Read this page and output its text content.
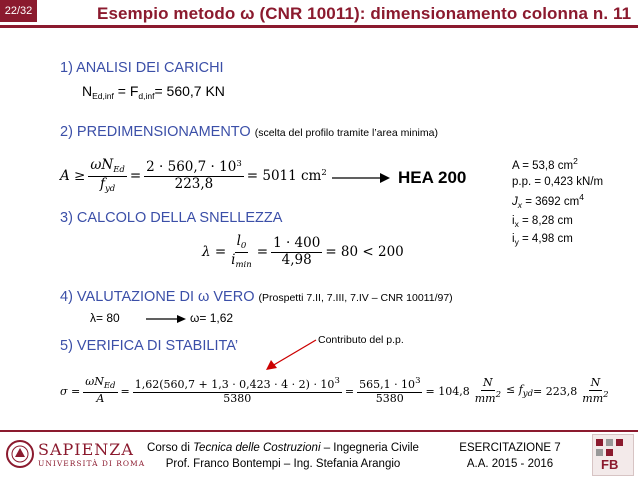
22/32	Esempio metodo ω (CNR 10011): dimensionamento colonna n. 11
1) ANALISI DEI CARICHI
$N_{Ed,inf} = F_{d,inf}= 560,7$ KN
2) PREDIMENSIONAMENTO (scelta del profilo tramite l’area minima)
$A \ge \frac{\omega N_{Ed}}{f_{yd}} = \frac{2 \cdot 560,7 \cdot 10^3}{223,8} = 5011$ $cm^2$	HEA 200
A = 53,8 $cm^2$
p.p. = 0,423 kN/m
$J_x = 3692$ $cm^4$
$i_x = 8,28$ cm
$i_y = 4,98$ cm
3) CALCOLO DELLA SNELLEZZA
$\lambda = \frac{l_0}{i_{min}} = \frac{1 \cdot 400}{4,98} = 80 < 200$
4) VALUTAZIONE DI ω VERO (Prospetti 7.II, 7.III, 7.IV – CNR 10011/97)
λ= 80	ω= 1,62
5) VERIFICA DI STABILITA’	Contributo del p.p.
$\sigma = \frac{\omega N_{Ed}}{A} = \frac{1,62(560,7 + 1,3 \cdot 0,423 \cdot 4 \cdot 2) \cdot 10^3}{5380} = \frac{565,1 \cdot 10^3}{5380} = 104,8 \frac{N}{mm^2} \le f_{yd} = 223,8 \frac{N}{mm^2}$
SAPIENZA
UNIVERSITÀ DI ROMA
Corso di Tecnica delle Costruzioni – Ingegneria Civile
Prof. Franco Bontempi – Ing. Stefania Arangio
ESERCITAZIONE 7
A.A. 2015 - 2016	FB
